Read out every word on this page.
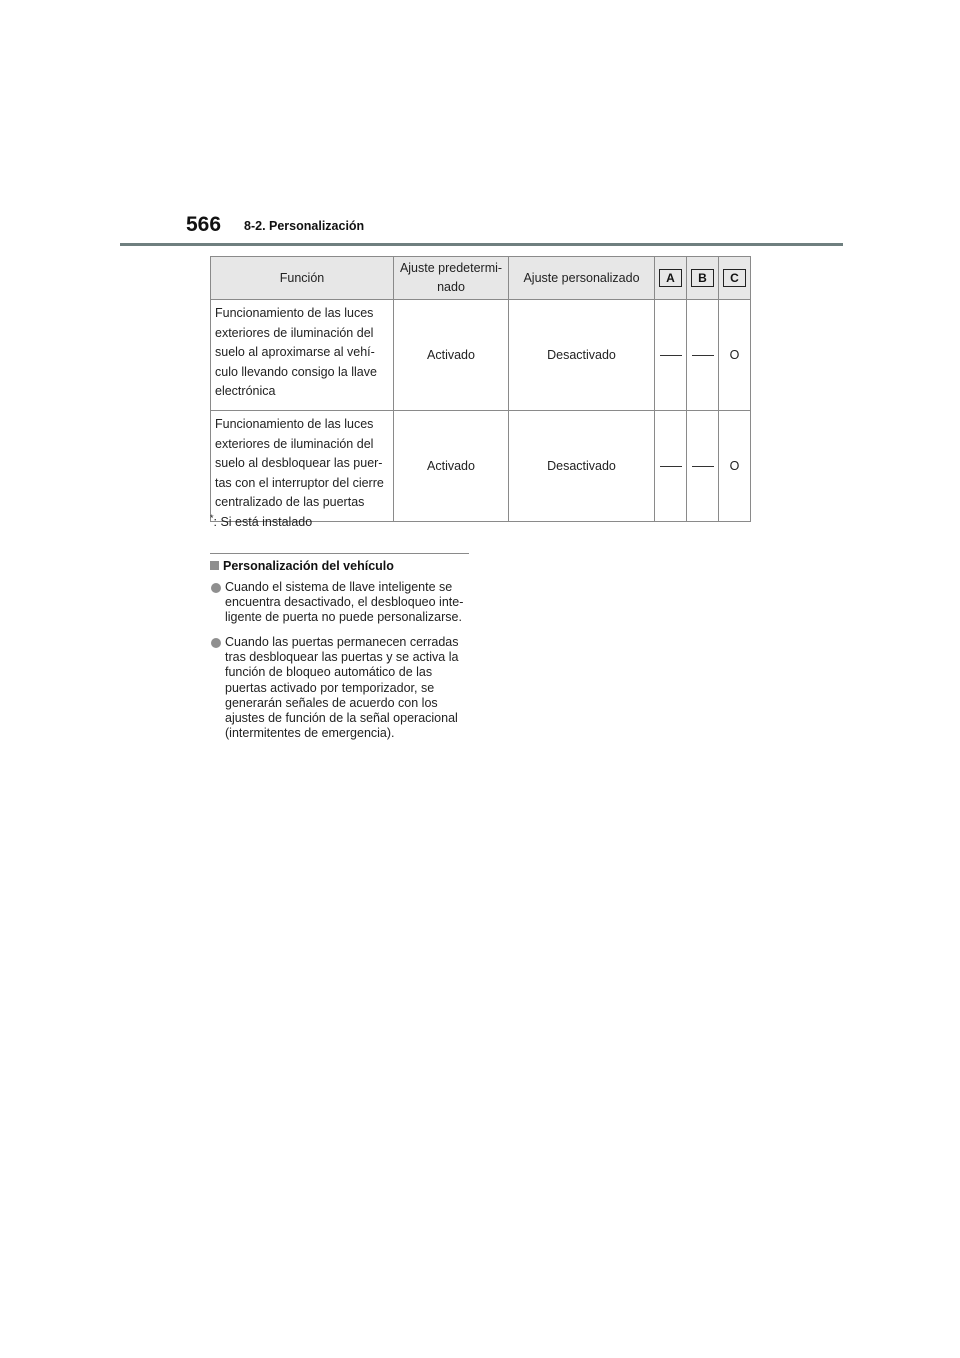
566 8-2. Personalización
Función	Ajuste predetermi-
nado	Ajuste personalizado	A	B	C
Funcionamiento de las luces
exteriores de iluminación del
suelo al aproximarse al vehí-
culo llevando consigo la llave
electrónica	Activado	Desactivado			O
Funcionamiento de las luces
exteriores de iluminación del
suelo al desbloquear las puer-
tas con el interruptor del cierre
centralizado de las puertas	Activado	Desactivado			O
*: Si está instalado
Personalización del vehículo
Cuando el sistema de llave inteligente se encuentra desactivado, el desbloqueo inte-ligente de puerta no puede personalizarse.
Cuando las puertas permanecen cerradas tras desbloquear las puertas y se activa la función de bloqueo automático de las puertas activado por temporizador, se generarán señales de acuerdo con los ajustes de función de la señal operacional (intermitentes de emergencia).
